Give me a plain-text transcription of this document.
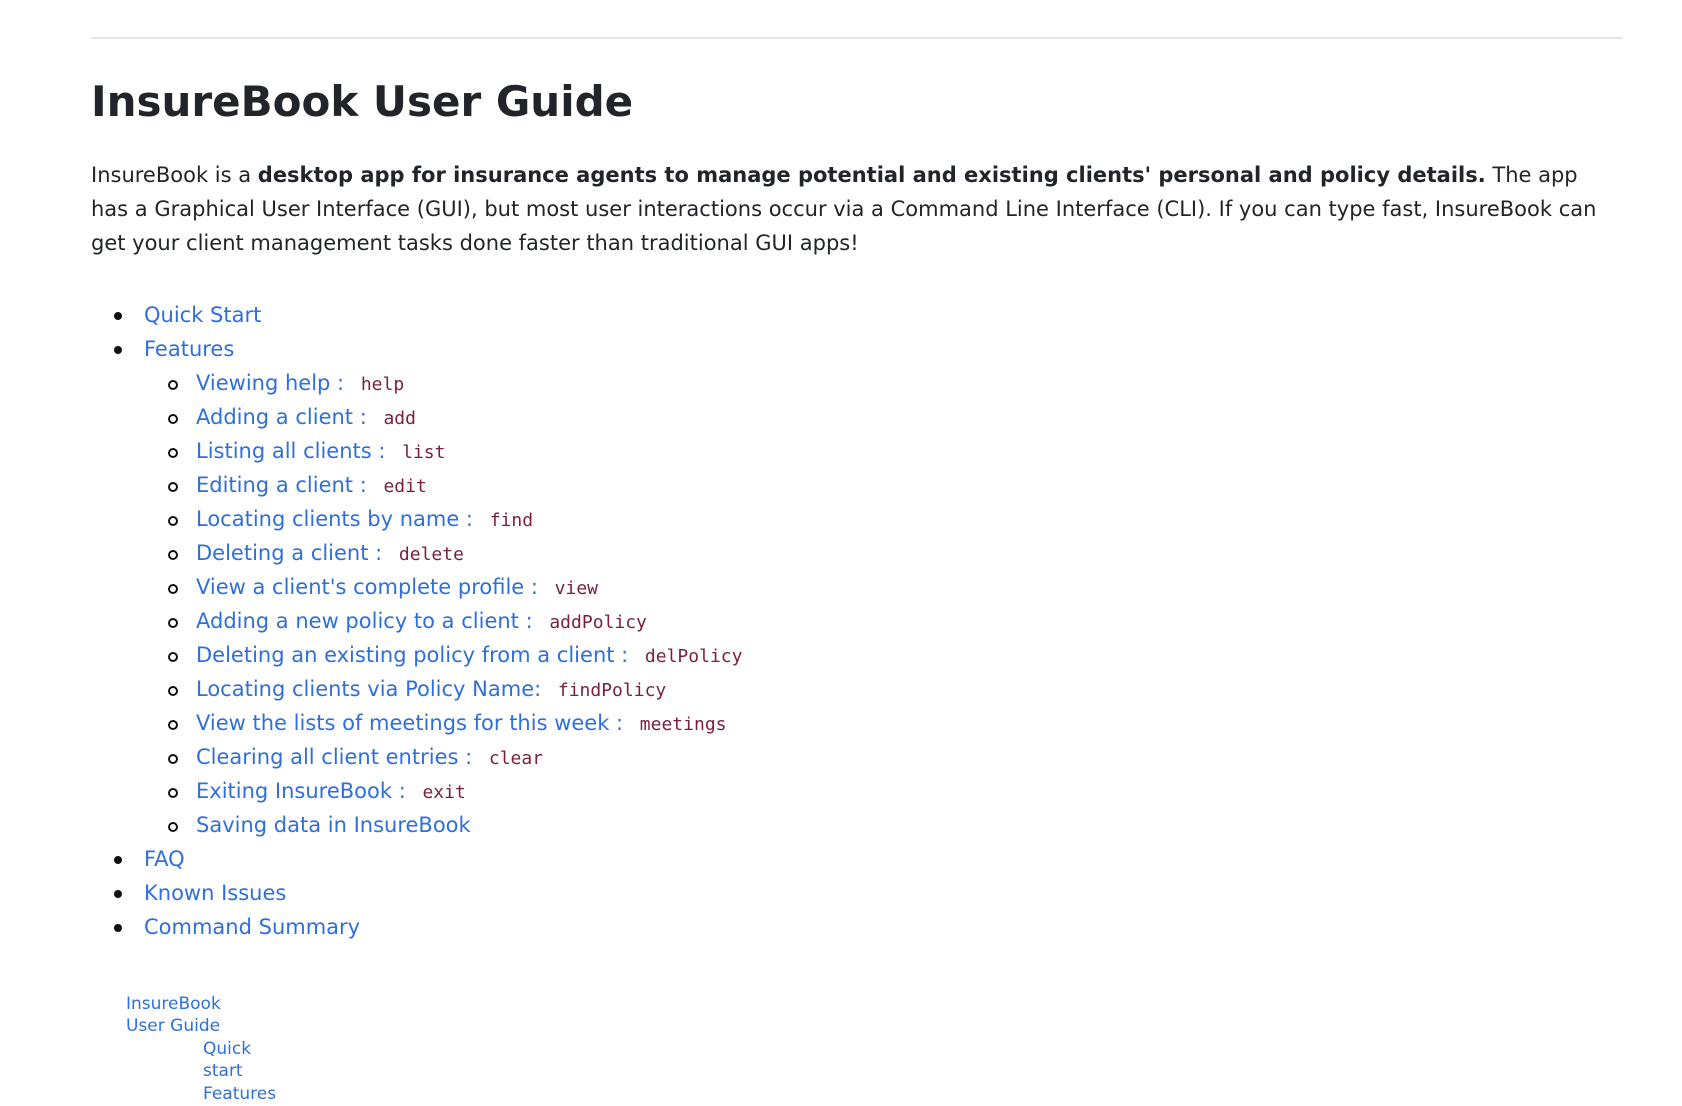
InsureBook User Guide

InsureBook is a desktop app for insurance agents to manage potential and existing clients' personal and policy details. The app has a Graphical User Interface (GUI), but most user interactions occur via a Command Line Interface (CLI). If you can type fast, InsureBook can get your client management tasks done faster than traditional GUI apps!

Quick Start
Features
Viewing help : help
Adding a client : add
Listing all clients : list
Editing a client : edit
Locating clients by name : find
Deleting a client : delete
View a client's complete profile : view
Adding a new policy to a client : addPolicy
Deleting an existing policy from a client : delPolicy
Locating clients via Policy Name: findPolicy
View the lists of meetings for this week : meetings
Clearing all client entries : clear
Exiting InsureBook : exit
Saving data in InsureBook
FAQ
Known Issues
Command Summary
InsureBook User Guide
Quick start
Features
